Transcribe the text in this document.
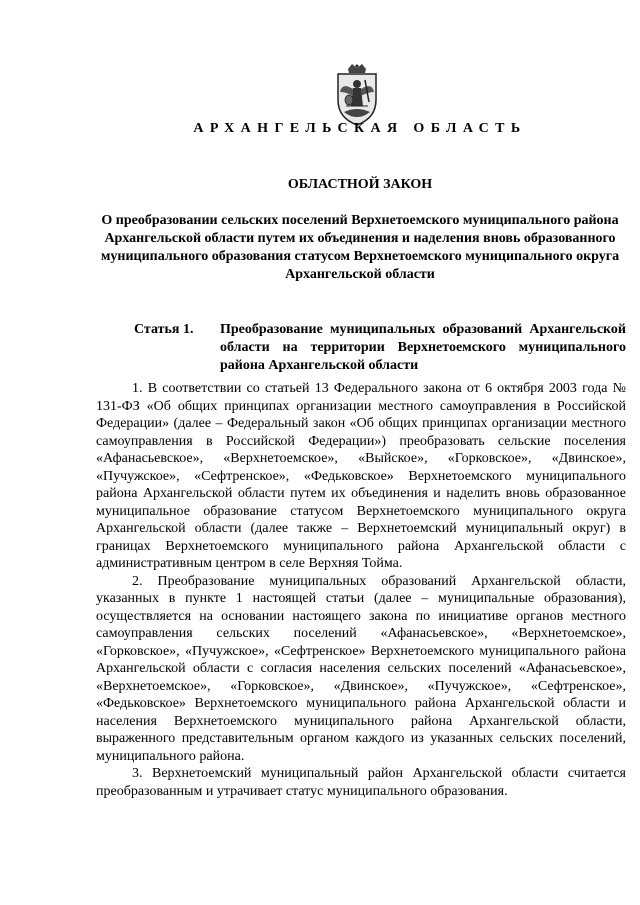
АРХАНГЕЛЬСКАЯ ОБЛАСТЬ
ОБЛАСТНОЙ ЗАКОН
О преобразовании сельских поселений Верхнетоемского муниципального района Архангельской области путем их объединения и наделения вновь образованного муниципального образования статусом Верхнетоемского муниципального округа Архангельской области
Статья 1.	Преобразование муниципальных образований Архангельской области на территории Верхнетоемского муниципального района Архангельской области

1. В соответствии со статьей 13 Федерального закона от 6 октября 2003 года № 131-ФЗ «Об общих принципах организации местного самоуправления в Российской Федерации» (далее – Федеральный закон «Об общих принципах организации местного самоуправления в Российской Федерации») преобразовать сельские поселения «Афанасьевское», «Верхнетоемское», «Выйское», «Горковское», «Двинское», «Пучужское», «Сефтренское», «Федьковское» Верхнетоемского муниципального района Архангельской области путем их объединения и наделить вновь образованное муниципальное образование статусом Верхнетоемского муниципального округа Архангельской области (далее также – Верхнетоемский муниципальный округ) в границах Верхнетоемского муниципального района Архангельской области с административным центром в селе Верхняя Тойма.

2. Преобразование муниципальных образований Архангельской области, указанных в пункте 1 настоящей статьи (далее – муниципальные образования), осуществляется на основании настоящего закона по инициативе органов местного самоуправления сельских поселений «Афанасьевское», «Верхнетоемское», «Горковское», «Пучужское», «Сефтренское» Верхнетоемского муниципального района Архангельской области с согласия населения сельских поселений «Афанасьевское», «Верхнетоемское», «Горковское», «Двинское», «Пучужское», «Сефтренское», «Федьковское» Верхнетоемского муниципального района Архангельской области и населения Верхнетоемского муниципального района Архангельской области, выраженного представительным органом каждого из указанных сельских поселений, муниципального района.

3. Верхнетоемский муниципальный район Архангельской области считается преобразованным и утрачивает статус муниципального образования.
